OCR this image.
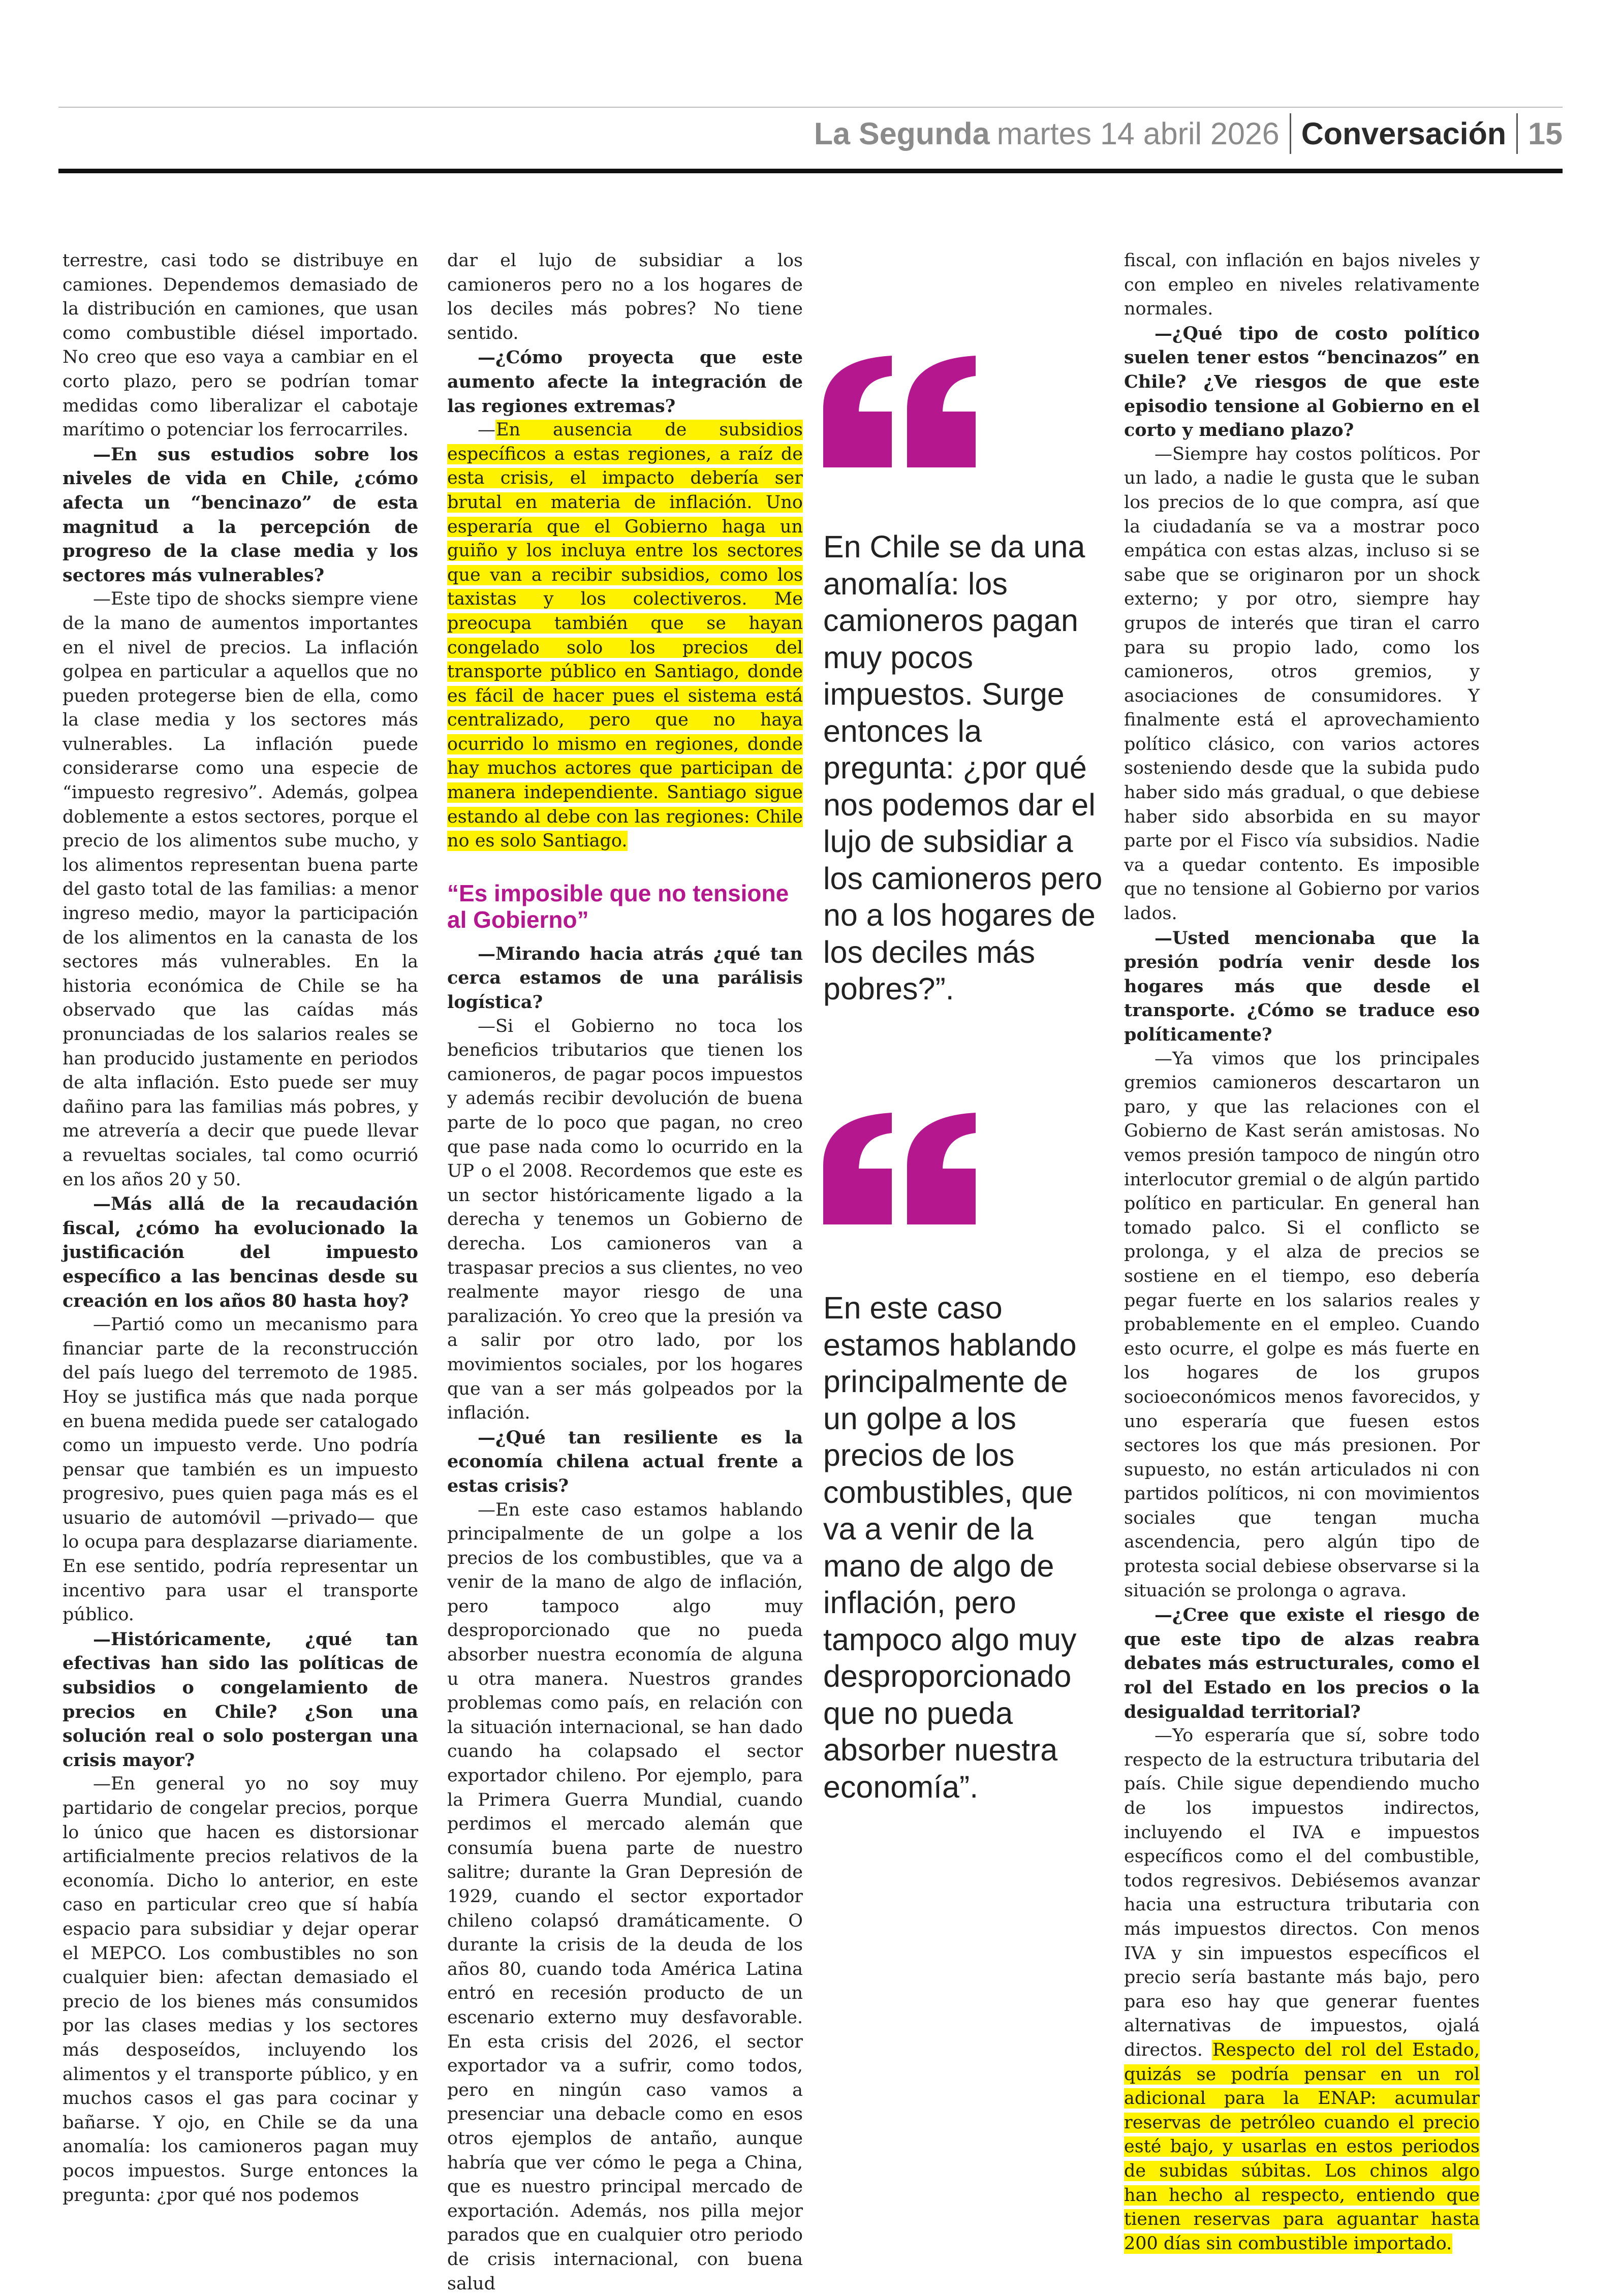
La Segunda martes 14 abril 2026 Conversación 15

terrestre, casi todo se distribuye en camiones. Dependemos demasiado de la distribución en camiones, que usan como combustible diésel importado. No creo que eso vaya a cambiar en el corto plazo, pero se podrían tomar medidas como liberalizar el cabotaje marítimo o potenciar los ferrocarriles.

—En sus estudios sobre los niveles de vida en Chile, ¿cómo afecta un “bencinazo” de esta magnitud a la percepción de progreso de la clase media y los sectores más vulnerables?

—Este tipo de shocks siempre viene de la mano de aumentos importantes en el nivel de precios. La inflación golpea en particular a aquellos que no pueden protegerse bien de ella, como la clase media y los sectores más vulnerables. La inflación puede considerarse como una especie de “impuesto regresivo”. Además, golpea doblemente a estos sectores, porque el precio de los alimentos sube mucho, y los alimentos representan buena parte del gasto total de las familias: a menor ingreso medio, mayor la participación de los alimentos en la canasta de los sectores más vulnerables. En la historia económica de Chile se ha observado que las caídas más pronunciadas de los salarios reales se han producido justamente en periodos de alta inflación. Esto puede ser muy dañino para las familias más pobres, y me atrevería a decir que puede llevar a revueltas sociales, tal como ocurrió en los años 20 y 50.

—Más allá de la recaudación fiscal, ¿cómo ha evolucionado la justificación del impuesto específico a las bencinas desde su creación en los años 80 hasta hoy?

—Partió como un mecanismo para financiar parte de la reconstrucción del país luego del terremoto de 1985. Hoy se justifica más que nada porque en buena medida puede ser catalogado como un impuesto verde. Uno podría pensar que también es un impuesto progresivo, pues quien paga más es el usuario de automóvil —privado— que lo ocupa para desplazarse diariamente. En ese sentido, podría representar un incentivo para usar el transporte público.

—Históricamente, ¿qué tan efectivas han sido las políticas de subsidios o congelamiento de precios en Chile? ¿Son una solución real o solo postergan una crisis mayor?

—En general yo no soy muy partidario de congelar precios, porque lo único que hacen es distorsionar artificialmente precios relativos de la economía. Dicho lo anterior, en este caso en particular creo que sí había espacio para subsidiar y dejar operar el MEPCO. Los combustibles no son cualquier bien: afectan demasiado el precio de los bienes más consumidos por las clases medias y los sectores más desposeídos, incluyendo los alimentos y el transporte público, y en muchos casos el gas para cocinar y bañarse. Y ojo, en Chile se da una anomalía: los camioneros pagan muy pocos impuestos. Surge entonces la pregunta: ¿por qué nos podemos

dar el lujo de subsidiar a los camioneros pero no a los hogares de los deciles más pobres? No tiene sentido.

—¿Cómo proyecta que este aumento afecte la integración de las regiones extremas?

—En ausencia de subsidios específicos a estas regiones, a raíz de esta crisis, el impacto debería ser brutal en materia de inflación. Uno esperaría que el Gobierno haga un guiño y los incluya entre los sectores que van a recibir subsidios, como los taxistas y los colectiveros. Me preocupa también que se hayan congelado solo los precios del transporte público en Santiago, donde es fácil de hacer pues el sistema está centralizado, pero que no haya ocurrido lo mismo en regiones, donde hay muchos actores que participan de manera independiente. Santiago sigue estando al debe con las regiones: Chile no es solo Santiago.

“Es imposible que no tensione al Gobierno”

—Mirando hacia atrás ¿qué tan cerca estamos de una parálisis logística?

—Si el Gobierno no toca los beneficios tributarios que tienen los camioneros, de pagar pocos impuestos y además recibir devolución de buena parte de lo poco que pagan, no creo que pase nada como lo ocurrido en la UP o el 2008. Recordemos que este es un sector históricamente ligado a la derecha y tenemos un Gobierno de derecha. Los camioneros van a traspasar precios a sus clientes, no veo realmente mayor riesgo de una paralización. Yo creo que la presión va a salir por otro lado, por los movimientos sociales, por los hogares que van a ser más golpeados por la inflación.

—¿Qué tan resiliente es la economía chilena actual frente a estas crisis?

—En este caso estamos hablando principalmente de un golpe a los precios de los combustibles, que va a venir de la mano de algo de inflación, pero tampoco algo muy desproporcionado que no pueda absorber nuestra economía de alguna u otra manera. Nuestros grandes problemas como país, en relación con la situación internacional, se han dado cuando ha colapsado el sector exportador chileno. Por ejemplo, para la Primera Guerra Mundial, cuando perdimos el mercado alemán que consumía buena parte de nuestro salitre; durante la Gran Depresión de 1929, cuando el sector exportador chileno colapsó dramáticamente. O durante la crisis de la deuda de los años 80, cuando toda América Latina entró en recesión producto de un escenario externo muy desfavorable. En esta crisis del 2026, el sector exportador va a sufrir, como todos, pero en ningún caso vamos a presenciar una debacle como en esos otros ejemplos de antaño, aunque habría que ver cómo le pega a China, que es nuestro principal mercado de exportación. Además, nos pilla mejor parados que en cualquier otro periodo de crisis internacional, con buena salud

En Chile se da una anomalía: los camioneros pagan muy pocos impuestos. Surge entonces la pregunta: ¿por qué nos podemos dar el lujo de subsidiar a los camioneros pero no a los hogares de los deciles más pobres?”.

En este caso estamos hablando principalmente de un golpe a los precios de los combustibles, que va a venir de la mano de algo de inflación, pero tampoco algo muy desproporcionado que no pueda absorber nuestra economía”.

fiscal, con inflación en bajos niveles y con empleo en niveles relativamente normales.

—¿Qué tipo de costo político suelen tener estos “bencinazos” en Chile? ¿Ve riesgos de que este episodio tensione al Gobierno en el corto y mediano plazo?

—Siempre hay costos políticos. Por un lado, a nadie le gusta que le suban los precios de lo que compra, así que la ciudadanía se va a mostrar poco empática con estas alzas, incluso si se sabe que se originaron por un shock externo; y por otro, siempre hay grupos de interés que tiran el carro para su propio lado, como los camioneros, otros gremios, y asociaciones de consumidores. Y finalmente está el aprovechamiento político clásico, con varios actores sosteniendo desde que la subida pudo haber sido más gradual, o que debiese haber sido absorbida en su mayor parte por el Fisco vía subsidios. Nadie va a quedar contento. Es imposible que no tensione al Gobierno por varios lados.

—Usted mencionaba que la presión podría venir desde los hogares más que desde el transporte. ¿Cómo se traduce eso políticamente?

—Ya vimos que los principales gremios camioneros descartaron un paro, y que las relaciones con el Gobierno de Kast serán amistosas. No vemos presión tampoco de ningún otro interlocutor gremial o de algún partido político en particular. En general han tomado palco. Si el conflicto se prolonga, y el alza de precios se sostiene en el tiempo, eso debería pegar fuerte en los salarios reales y probablemente en el empleo. Cuando esto ocurre, el golpe es más fuerte en los hogares de los grupos socioeconómicos menos favorecidos, y uno esperaría que fuesen estos sectores los que más presionen. Por supuesto, no están articulados ni con partidos políticos, ni con movimientos sociales que tengan mucha ascendencia, pero algún tipo de protesta social debiese observarse si la situación se prolonga o agrava.

—¿Cree que existe el riesgo de que este tipo de alzas reabra debates más estructurales, como el rol del Estado en los precios o la desigualdad territorial?

—Yo esperaría que sí, sobre todo respecto de la estructura tributaria del país. Chile sigue dependiendo mucho de los impuestos indirectos, incluyendo el IVA e impuestos específicos como el del combustible, todos regresivos. Debiésemos avanzar hacia una estructura tributaria con más impuestos directos. Con menos IVA y sin impuestos específicos el precio sería bastante más bajo, pero para eso hay que generar fuentes alternativas de impuestos, ojalá directos. Respecto del rol del Estado, quizás se podría pensar en un rol adicional para la ENAP: acumular reservas de petróleo cuando el precio esté bajo, y usarlas en estos periodos de subidas súbitas. Los chinos algo han hecho al respecto, entiendo que tienen reservas para aguantar hasta 200 días sin combustible importado.
